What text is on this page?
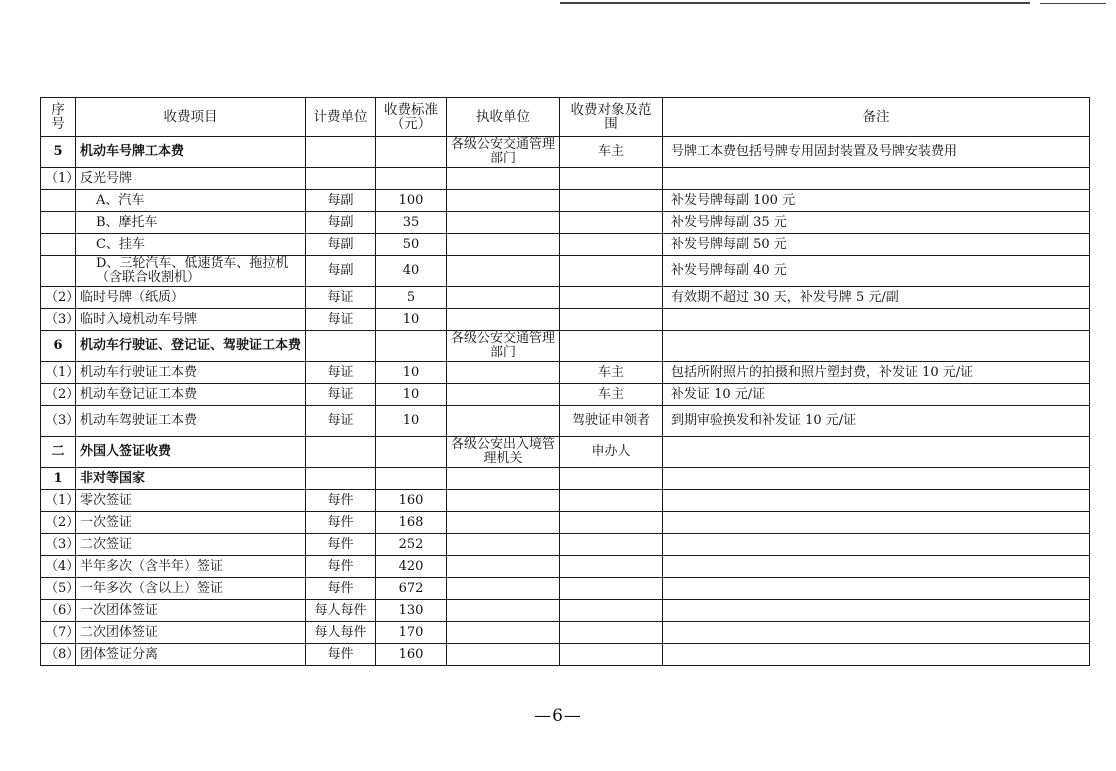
序号	收费项目	计费单位	收费标准（元）	执收单位	收费对象及范围	备注
5	机动车号牌工本费			各级公安交通管理部门	车主	号牌工本费包括号牌专用固封装置及号牌安装费用
（1）	反光号牌					
	A、汽车	每副	100			补发号牌每副 100 元
	B、摩托车	每副	35			补发号牌每副 35 元
	C、挂车	每副	50			补发号牌每副 50 元
	D、三轮汽车、低速货车、拖拉机（含联合收割机）	每副	40			补发号牌每副 40 元
（2）	临时号牌（纸质）	每证	5			有效期不超过 30 天，补发号牌 5 元/副
（3）	临时入境机动车号牌	每证	10			
6	机动车行驶证、登记证、驾驶证工本费			各级公安交通管理部门		
（1）	机动车行驶证工本费	每证	10		车主	包括所附照片的拍摄和照片塑封费，补发证 10 元/证
（2）	机动车登记证工本费	每证	10		车主	补发证 10 元/证
（3）	机动车驾驶证工本费	每证	10		驾驶证申领者	到期审验换发和补发证 10 元/证
二	外国人签证收费			各级公安出入境管理机关	申办人	
1	非对等国家					
（1）	零次签证	每件	160			
（2）	一次签证	每件	168			
（3）	二次签证	每件	252			
（4）	半年多次（含半年）签证	每件	420			
（5）	一年多次（含以上）签证	每件	672			
（6）	一次团体签证	每人每件	130			
（7）	二次团体签证	每人每件	170			
（8）	团体签证分离	每件	160			
—6—
